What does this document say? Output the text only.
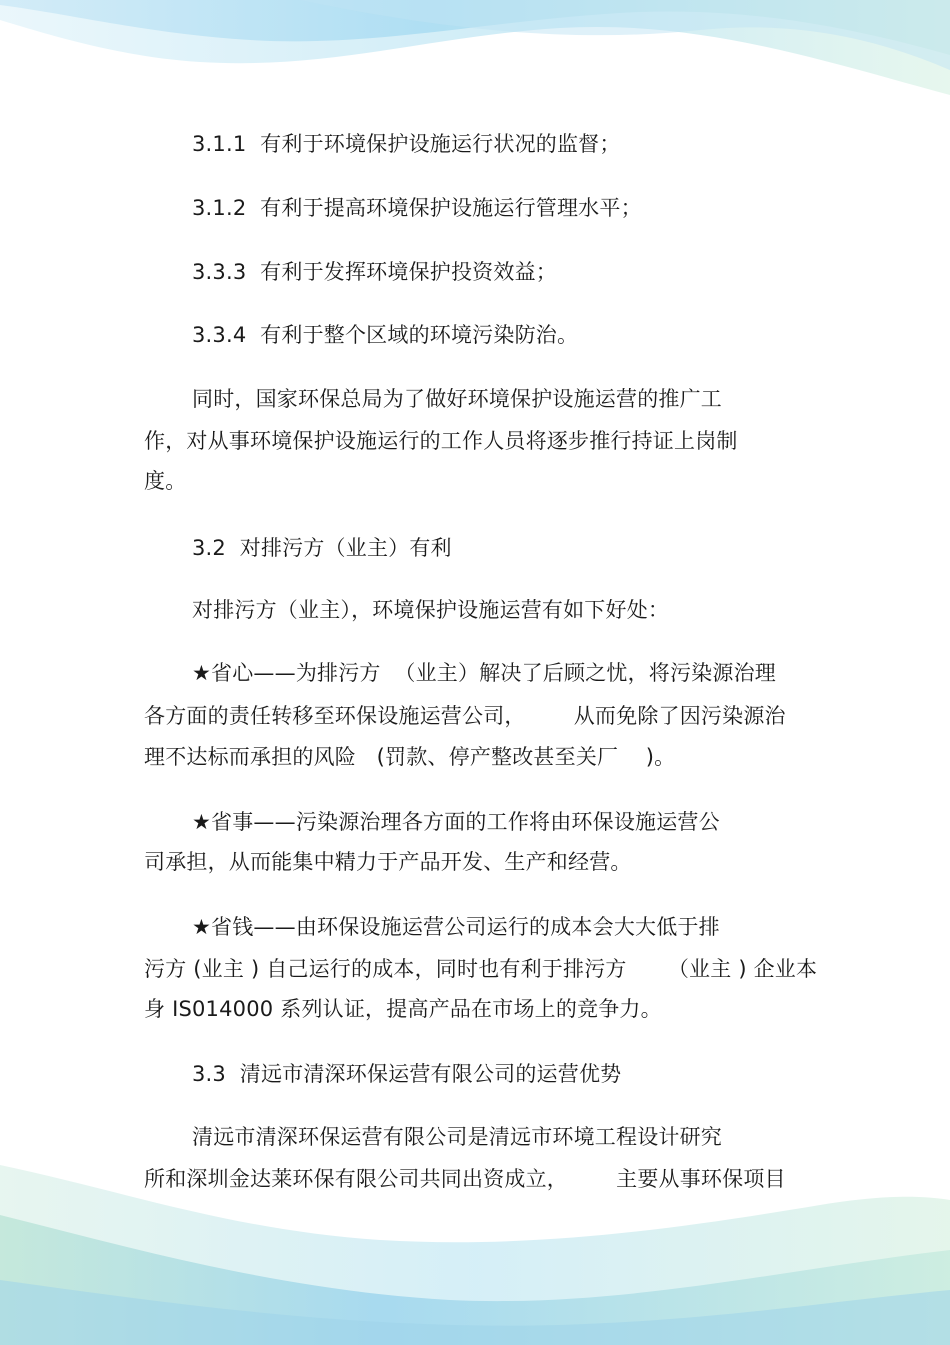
3.1.1  有利于环境保护设施运行状况的监督；
3.1.2  有利于提高环境保护设施运行管理水平；
3.3.3  有利于发挥环境保护投资效益；
3.3.4  有利于整个区域的环境污染防治。
同时，国家环保总局为了做好环境保护设施运营的推广工
作，对从事环境保护设施运行的工作人员将逐步推行持证上岗制
度。
3.2  对排污方（业主）有利
对排污方（业主），环境保护设施运营有如下好处：
★省心——为排污方  （业主）解决了后顾之忧，将污染源治理
各方面的责任转移至环保设施运营公司，       从而免除了因污染源治
理不达标而承担的风险   (罚款、停产整改甚至关厂    )。
★省事——污染源治理各方面的工作将由环保设施运营公
司承担，从而能集中精力于产品开发、生产和经营。
★省钱——由环保设施运营公司运行的成本会大大低于排
污方 (业主 ) 自己运行的成本，同时也有利于排污方      （业主 ) 企业本
身 IS014000 系列认证，提高产品在市场上的竞争力。
3.3  清远市清深环保运营有限公司的运营优势
清远市清深环保运营有限公司是清远市环境工程设计研究
所和深圳金达莱环保有限公司共同出资成立，       主要从事环保项目
